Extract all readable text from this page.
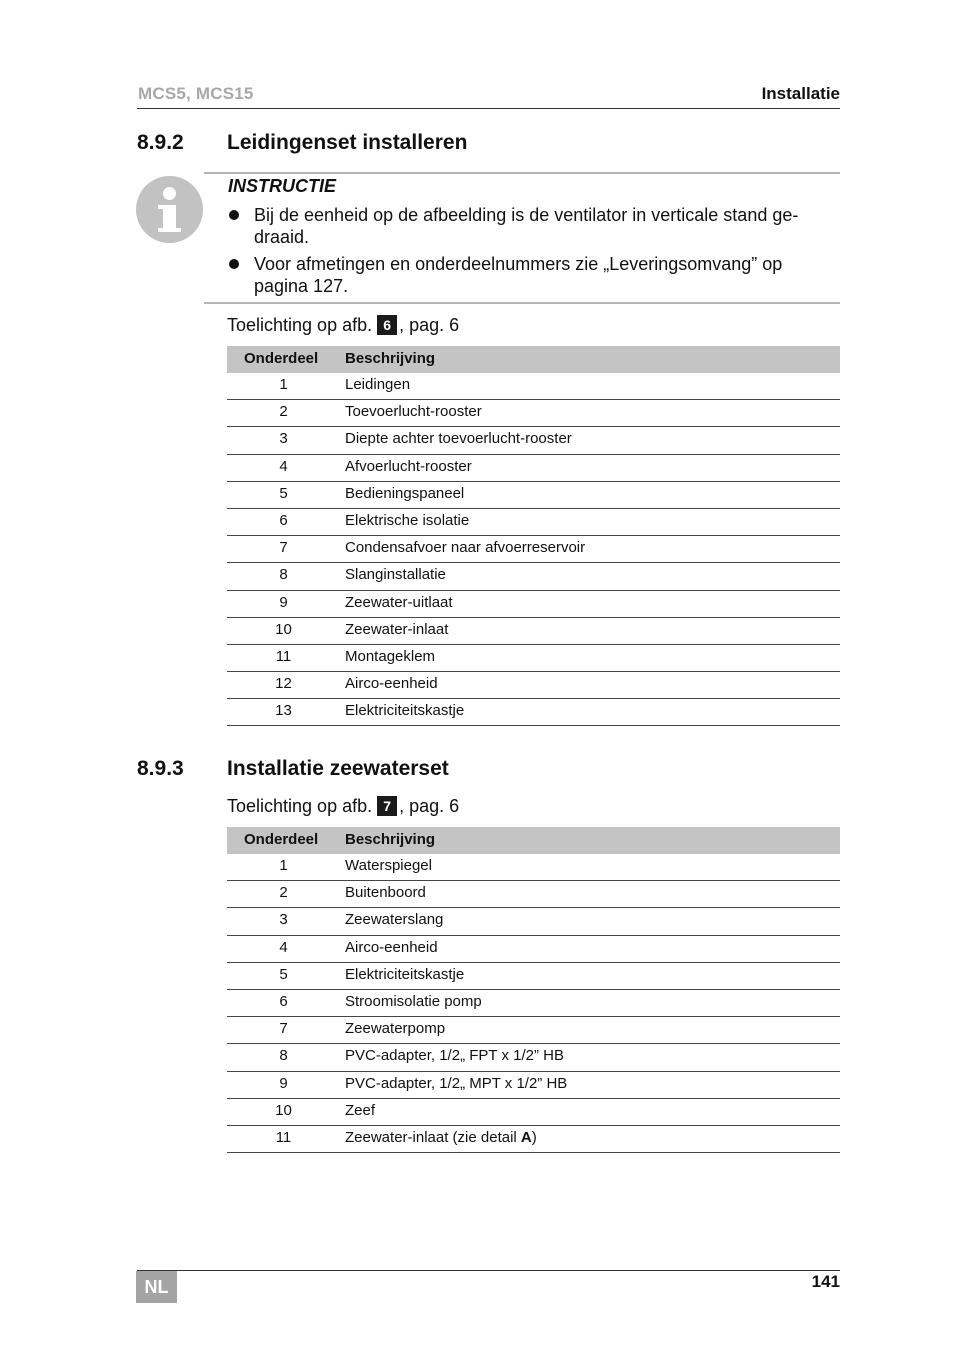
MCS5, MCS15	Installatie
8.9.2 Leidingenset installeren
INSTRUCTIE
Bij de eenheid op de afbeelding is de ventilator in verticale stand ge-draaid.
Voor afmetingen en onderdeelnummers zie „Leveringsomvang” op pagina 127.
Toelichting op afb. 6 , pag. 6
Onderdeel Beschrijving
1	Leidingen
2	Toevoerlucht-rooster
3	Diepte achter toevoerlucht-rooster
4	Afvoerlucht-rooster
5	Bedieningspaneel
6	Elektrische isolatie
7	Condensafvoer naar afvoerreservoir
8	Slanginstallatie
9	Zeewater-uitlaat
10	Zeewater-inlaat
11	Montageklem
12	Airco-eenheid
13	Elektriciteitskastje
8.9.3 Installatie zeewaterset
Toelichting op afb. 7 , pag. 6
Onderdeel Beschrijving
1	Waterspiegel
2	Buitenboord
3	Zeewaterslang
4	Airco-eenheid
5	Elektriciteitskastje
6	Stroomisolatie pomp
7	Zeewaterpomp
8	PVC-adapter, 1/2„ FPT x 1/2” HB
9	PVC-adapter, 1/2„ MPT x 1/2” HB
10	Zeef
11	Zeewater-inlaat (zie detail A)
NL	141
